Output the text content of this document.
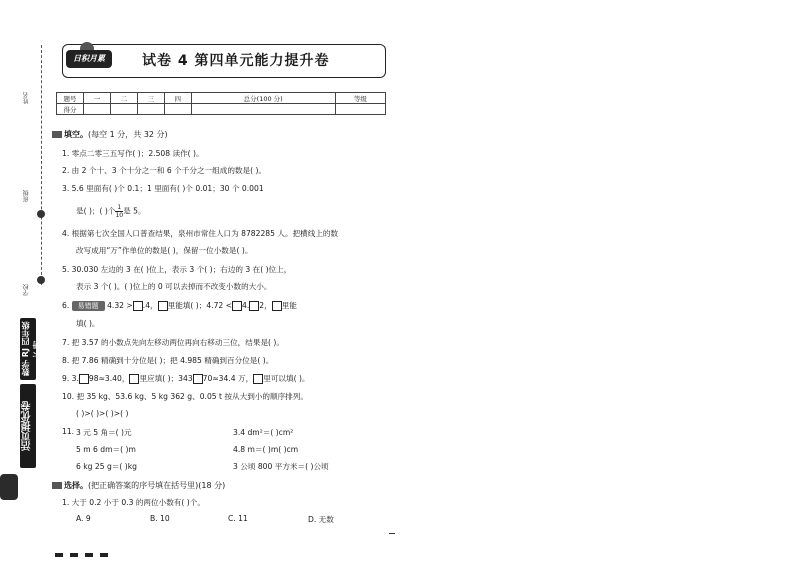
姓名
班级
学校
数学 RJ 四年级 下册
活页提优卷
日积月累	试卷 4 第四单元能力提升卷
题号	一	二	三	四	总分(100 分)	等级
得分						
填空。(每空 1 分，共 32 分)
1. 零点二零三五写作( )；2.508 读作( )。
2. 由 2 个十、3 个十分之一和 6 个千分之一组成的数是( )。
3. 5.6 里面有( )个 0.1；1 里面有( )个 0.01；30 个 0.001
是( )；( )个 $\frac{1}{10}$ 是 5。
4. 根据第七次全国人口普查结果，泉州市常住人口为 8782285 人。把横线上的数
改写成用“万”作单位的数是( )，保留一位小数是( )。
5. 30.030 左边的 3 在( )位上，表示 3 个( )；右边的 3 在( )位上，
表示 3 个( )。( )位上的 0 可以去掉而不改变小数的大小。
6. 易错题 4.32 > .4， 里能填( )；4.72 < 4. 2， 里能
填( )。
7. 把 3.57 的小数点先向左移动两位再向右移动三位，结果是( )。
8. 把 7.86 精确到十分位是( )；把 4.985 精确到百分位是( )。
9. 3. 98≈3.40， 里应填( )；343 70≈34.4 万， 里可以填( )。
10. 把 35 kg、53.6 kg、5 kg 362 g、0.05 t 按从大到小的顺序排列。
( )>( )>( )>( )
11. 3 元 5 角＝( )元	3.4 dm²＝( )cm²
5 m 6 dm＝( )m	4.8 m＝( )m( )cm
6 kg 25 g＝( )kg	3 公顷 800 平方米＝( )公顷
选择。(把正确答案的序号填在括号里)(18 分)
1. 大于 0.2 小于 0.3 的两位小数有( )个。
A. 9	B. 10	C. 11	D. 无数
